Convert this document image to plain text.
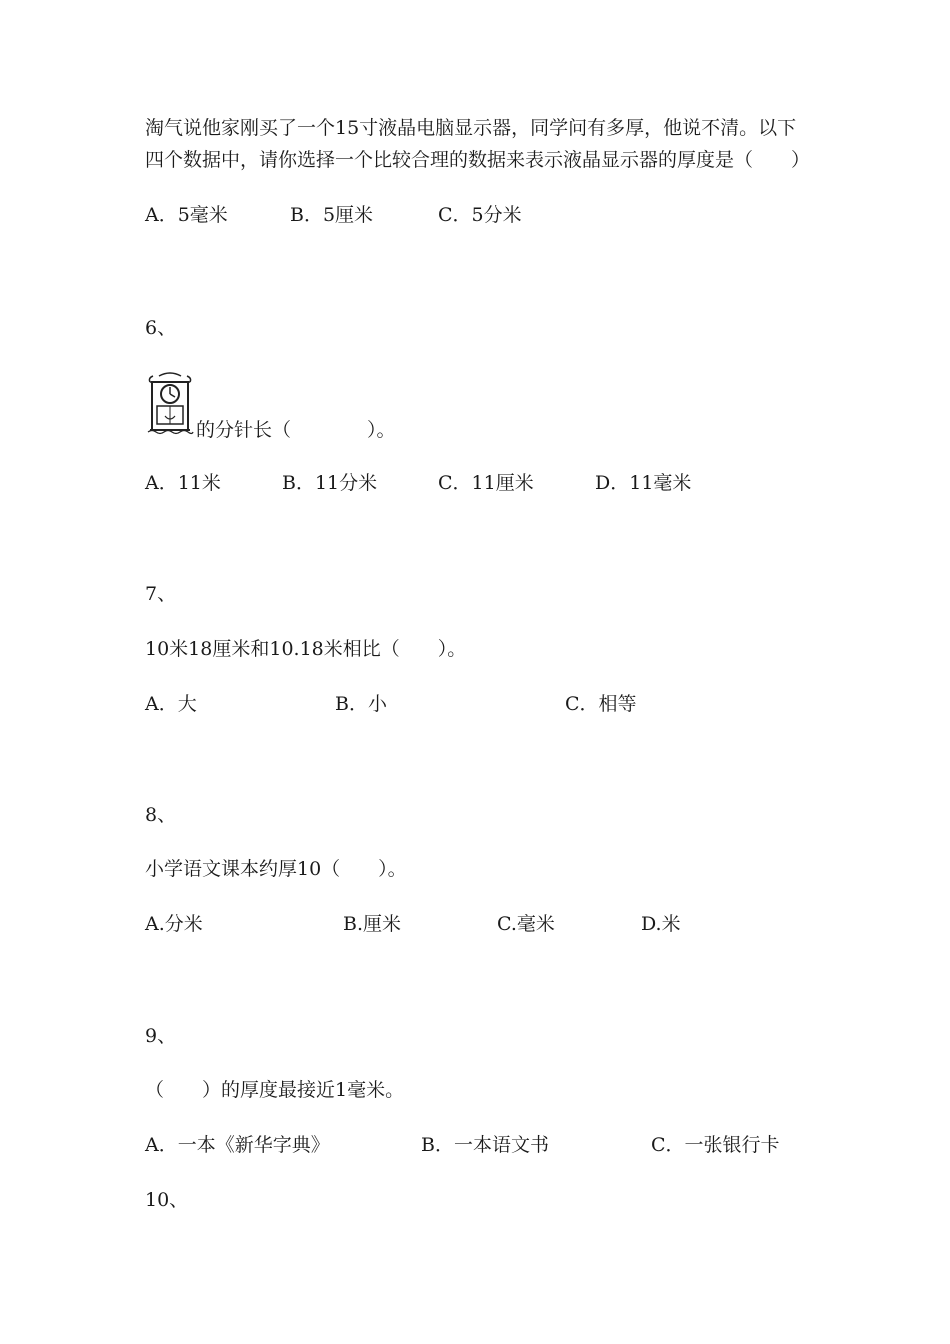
淘气说他家刚买了一个15寸液晶电脑显示器，同学问有多厚，他说不清。以下
四个数据中，请你选择一个比较合理的数据来表示液晶显示器的厚度是（　　）
A．5毫米	B．5厘米	C．5分米
6、
的分针长（　　　　）。
A．11米	B．11分米	C．11厘米	D．11毫米
7、
10米18厘米和10.18米相比（　　）。
A．大	B．小	C．相等
8、
小学语文课本约厚10（　　）。
A.分米	B.厘米	C.毫米	D.米
9、
（　　）的厚度最接近1毫米。
A．一本《新华字典》	B．一本语文书	C．一张银行卡
10、
